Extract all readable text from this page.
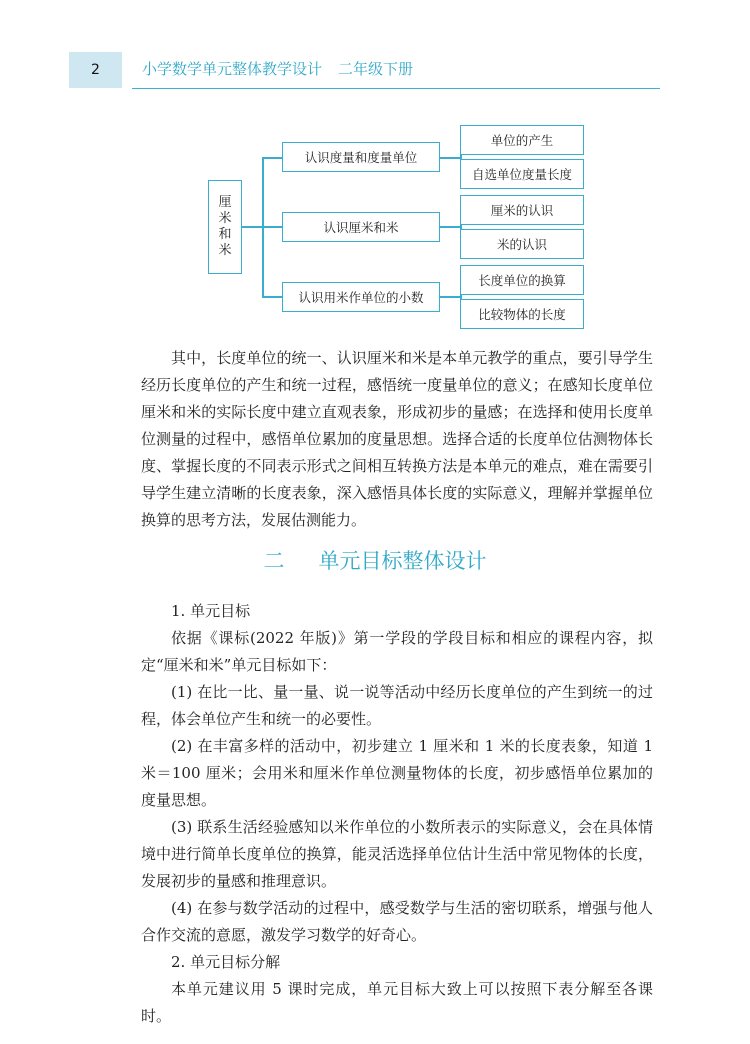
2	小学数学单元整体教学设计 二年级下册
厘
米
和
米
认识度量和度量单位
认识厘米和米
认识用米作单位的小数
单位的产生
自选单位度量长度
厘米的认识
米的认识
长度单位的换算
比较物体的长度

其中，长度单位的统一、认识厘米和米是本单元教学的重点，要引导学生经历长度单位的产生和统一过程，感悟统一度量单位的意义；在感知长度单位厘米和米的实际长度中建立直观表象，形成初步的量感；在选择和使用长度单位测量的过程中，感悟单位累加的度量思想。选择合适的长度单位估测物体长度、掌握长度的不同表示形式之间相互转换方法是本单元的难点，难在需要引导学生建立清晰的长度表象，深入感悟具体长度的实际意义，理解并掌握单位换算的思考方法，发展估测能力。

二 单元目标整体设计

1. 单元目标

依据《课标(2022 年版)》第一学段的学段目标和相应的课程内容，拟定“厘米和米”单元目标如下：

(1) 在比一比、量一量、说一说等活动中经历长度单位的产生到统一的过程，体会单位产生和统一的必要性。

(2) 在丰富多样的活动中，初步建立 1 厘米和 1 米的长度表象，知道 1 米＝100 厘米；会用米和厘米作单位测量物体的长度，初步感悟单位累加的度量思想。

(3) 联系生活经验感知以米作单位的小数所表示的实际意义，会在具体情境中进行简单长度单位的换算，能灵活选择单位估计生活中常见物体的长度，发展初步的量感和推理意识。

(4) 在参与数学活动的过程中，感受数学与生活的密切联系，增强与他人合作交流的意愿，激发学习数学的好奇心。

2. 单元目标分解

本单元建议用 5 课时完成，单元目标大致上可以按照下表分解至各课时。
